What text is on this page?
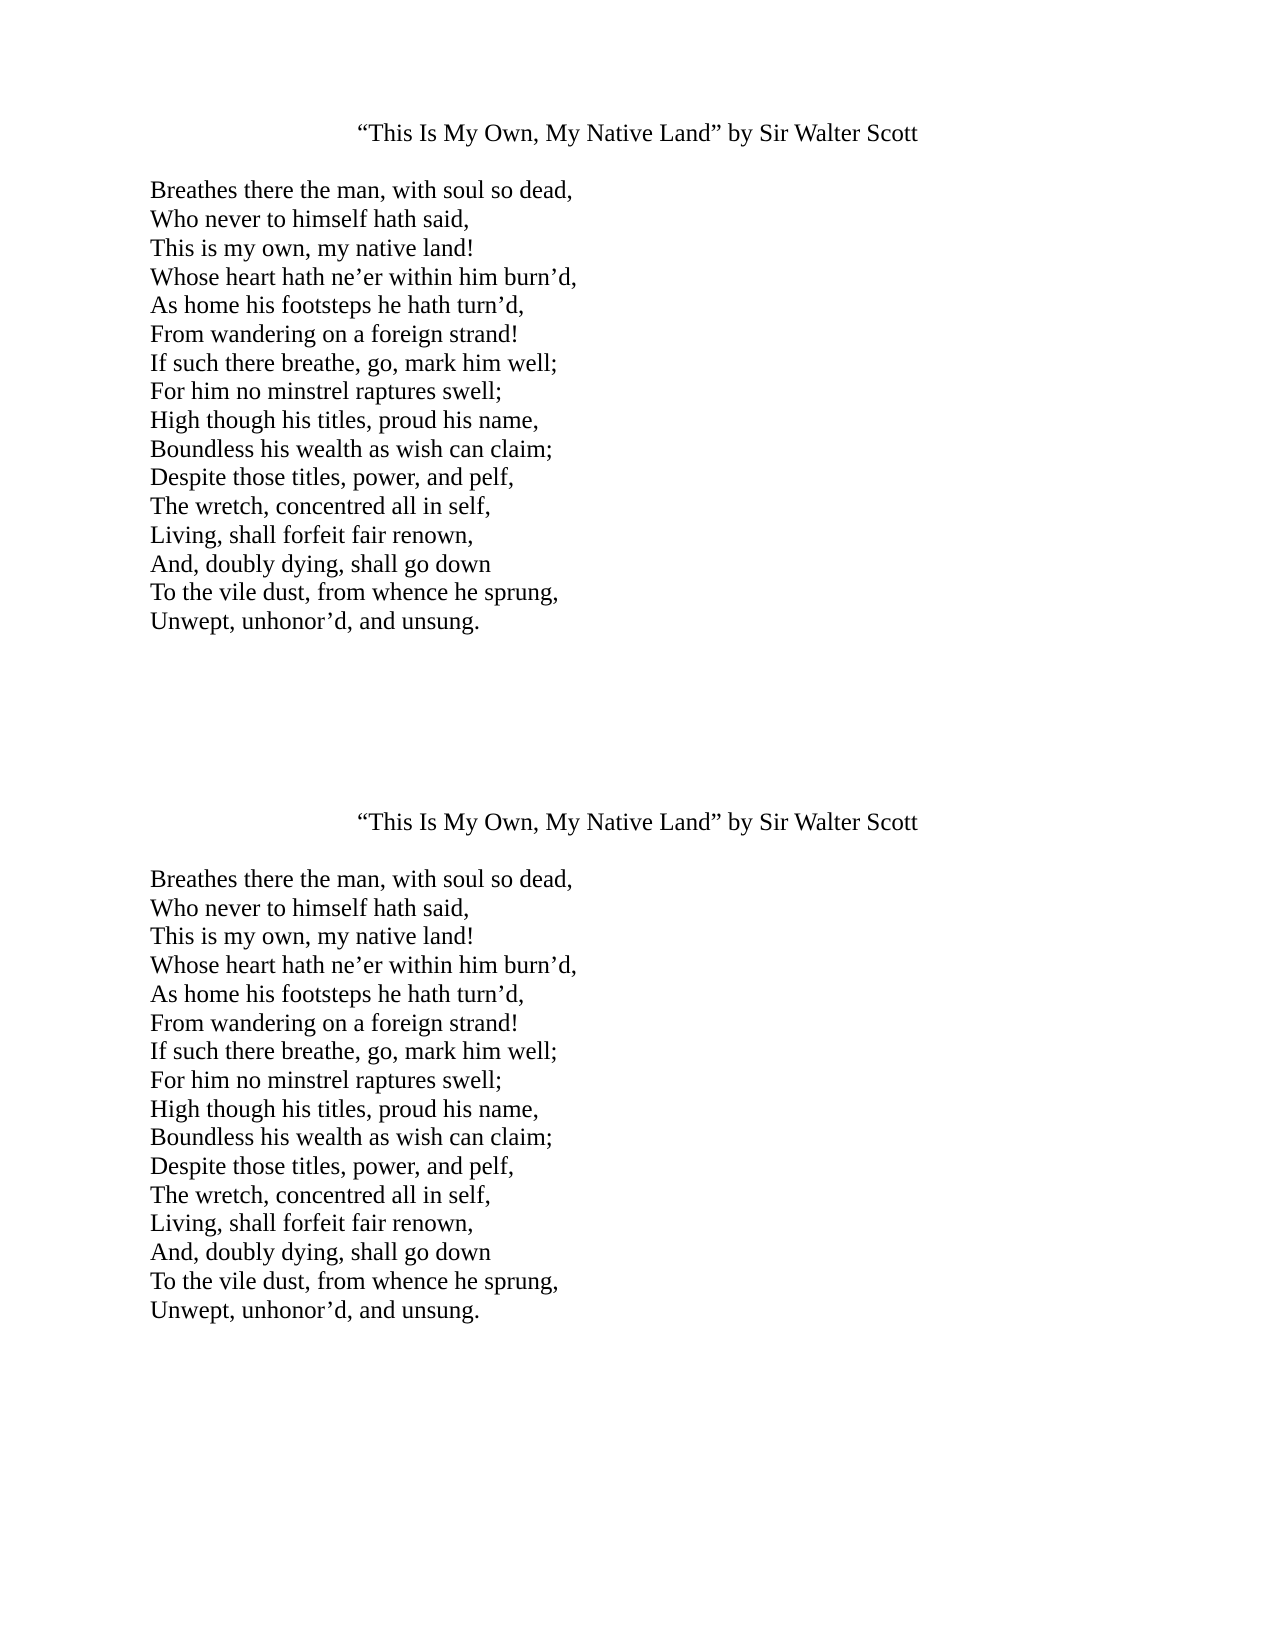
“This Is My Own, My Native Land” by Sir Walter Scott
Breathes there the man, with soul so dead,
Who never to himself hath said,
This is my own, my native land!
Whose heart hath ne’er within him burn’d,
As home his footsteps he hath turn’d,
From wandering on a foreign strand!
If such there breathe, go, mark him well;
For him no minstrel raptures swell;
High though his titles, proud his name,
Boundless his wealth as wish can claim;
Despite those titles, power, and pelf,
The wretch, concentred all in self,
Living, shall forfeit fair renown,
And, doubly dying, shall go down
To the vile dust, from whence he sprung,
Unwept, unhonor’d, and unsung.
“This Is My Own, My Native Land” by Sir Walter Scott
Breathes there the man, with soul so dead,
Who never to himself hath said,
This is my own, my native land!
Whose heart hath ne’er within him burn’d,
As home his footsteps he hath turn’d,
From wandering on a foreign strand!
If such there breathe, go, mark him well;
For him no minstrel raptures swell;
High though his titles, proud his name,
Boundless his wealth as wish can claim;
Despite those titles, power, and pelf,
The wretch, concentred all in self,
Living, shall forfeit fair renown,
And, doubly dying, shall go down
To the vile dust, from whence he sprung,
Unwept, unhonor’d, and unsung.
